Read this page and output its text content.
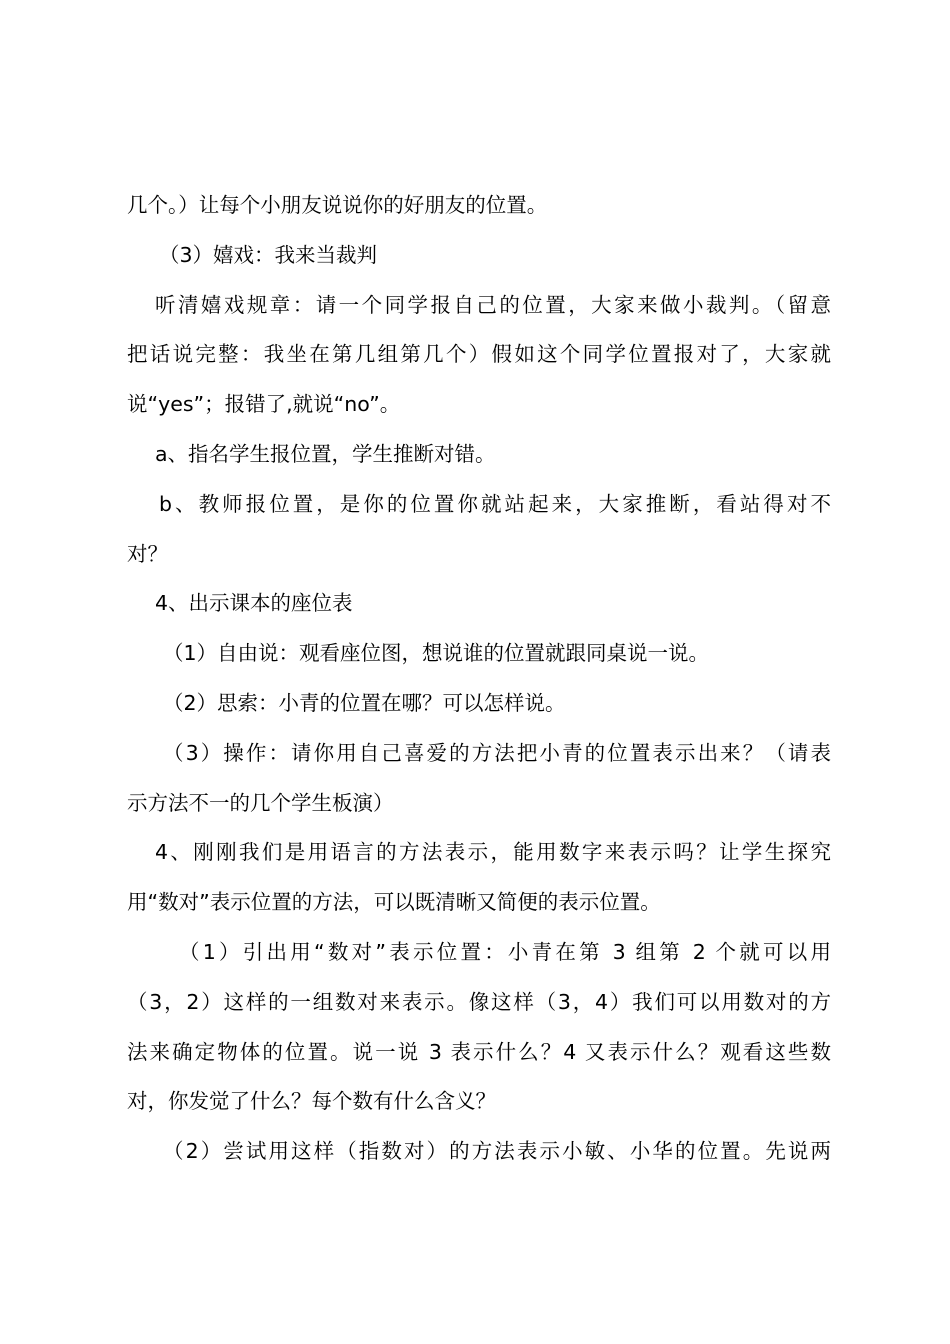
几个。）让每个小朋友说说你的好朋友的位置。
（3）嬉戏：我来当裁判
听清嬉戏规章：请一个同学报自己的位置，大家来做小裁判。（留意
把话说完整：我坐在第几组第几个）假如这个同学位置报对了，大家就
说“yes”；报错了,就说“no”。
a、指名学生报位置，学生推断对错。
b、教师报位置，是你的位置你就站起来，大家推断，看站得对不
对？
4、出示课本的座位表
（1）自由说：观看座位图，想说谁的位置就跟同桌说一说。
（2）思索：小青的位置在哪？可以怎样说。
（3）操作：请你用自己喜爱的方法把小青的位置表示出来？（请表
示方法不一的几个学生板演）
4、刚刚我们是用语言的方法表示，能用数字来表示吗？让学生探究
用“数对”表示位置的方法，可以既清晰又简便的表示位置。
（1）引出用“数对”表示位置：小青在第 3 组第 2 个就可以用
（3，2）这样的一组数对来表示。像这样（3，4）我们可以用数对的方
法来确定物体的位置。说一说 3 表示什么？4 又表示什么？观看这些数
对，你发觉了什么？每个数有什么含义？
（2）尝试用这样（指数对）的方法表示小敏、小华的位置。先说两
